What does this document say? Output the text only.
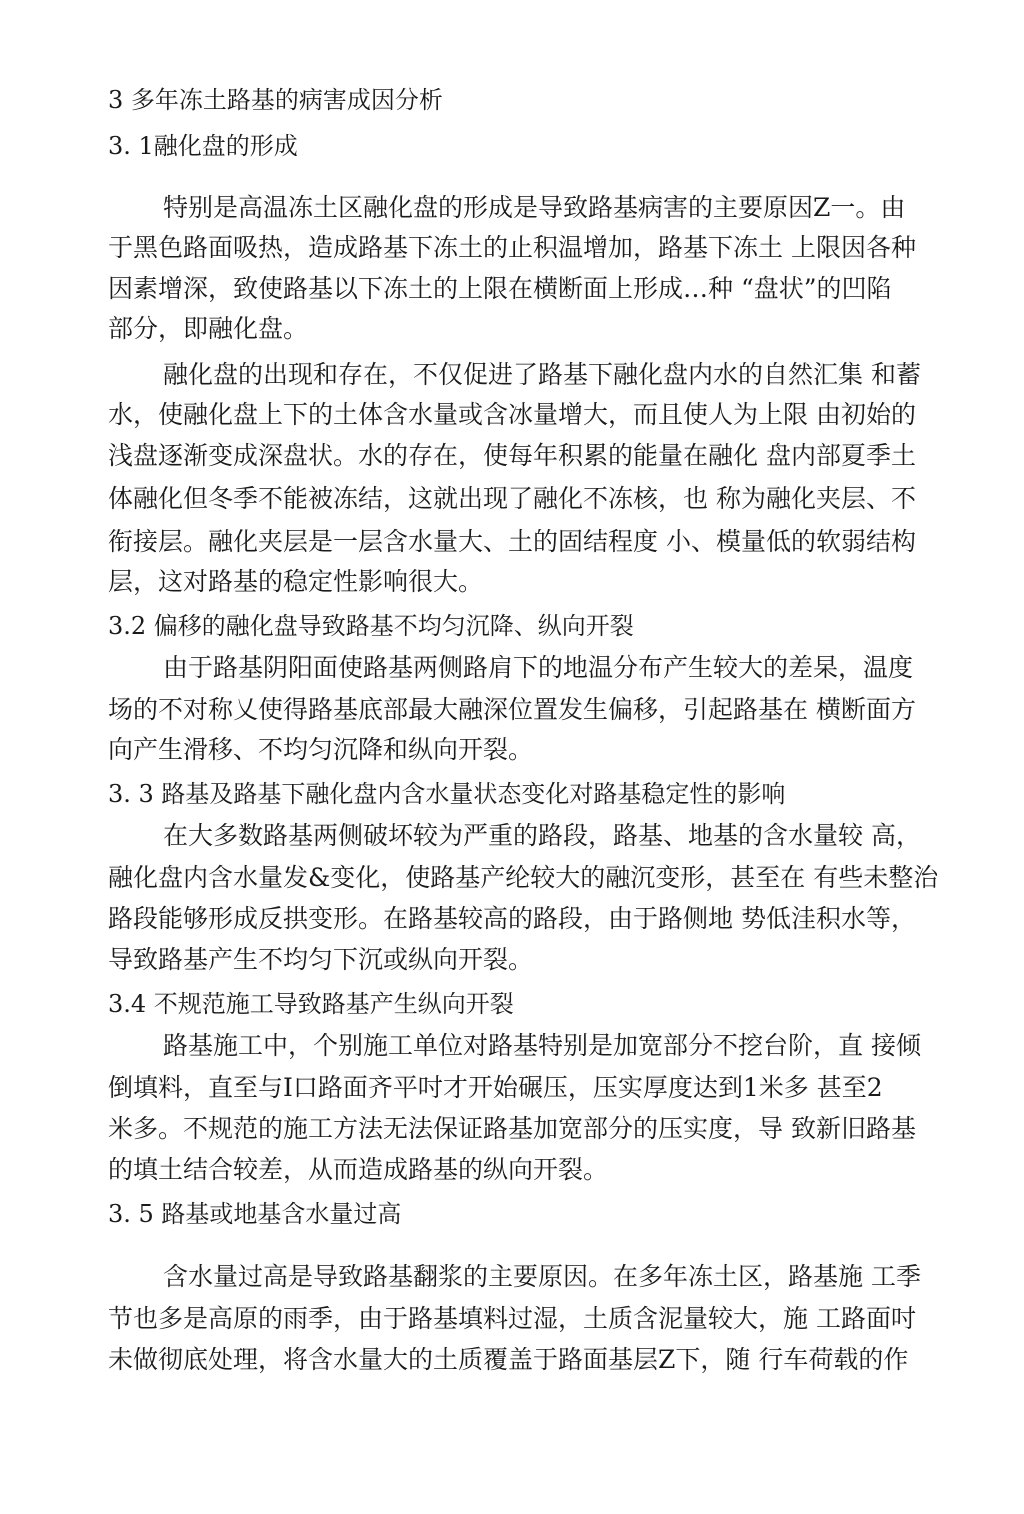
3 多年冻土路基的病害成因分析
3. 1融化盘的形成
特别是高温冻土区融化盘的形成是导致路基病害的主要原因Z一。由
于黑色路面吸热，造成路基下冻土的止积温增加，路基下冻土 上限因各种
因素增深，致使路基以下冻土的上限在横断面上形成…种 “盘状”的凹陷
部分，即融化盘。
融化盘的出现和存在，不仅促进了路基下融化盘内水的自然汇集 和蓄
水，使融化盘上下的土体含水量或含冰量增大，而且使人为上限 由初始的
浅盘逐渐变成深盘状。水的存在，使每年积累的能量在融化 盘内部夏季土
体融化但冬季不能被冻结，这就出现了融化不冻核，也 称为融化夹层、不
衔接层。融化夹层是一层含水量大、土的固结程度 小、模量低的软弱结构
层，这对路基的稳定性影响很大。
3.2 偏移的融化盘导致路基不均匀沉降、纵向开裂
由于路基阴阳面使路基两侧路肩下的地温分布产生较大的差杲，温度
场的不对称乂使得路基底部最大融深位置发生偏移，引起路基在 横断面方
向产生滑移、不均匀沉降和纵向开裂。
3. 3 路基及路基下融化盘内含水量状态变化对路基稳定性的影响
在大多数路基两侧破坏较为严重的路段，路基、地基的含水量较 高，
融化盘内含水量发&变化，使路基产纶较大的融沉变形，甚至在 有些未整治
路段能够形成反拱变形。在路基较高的路段，由于路侧地 势低洼积水等，
导致路基产生不均匀下沉或纵向开裂。
3.4 不规范施工导致路基产生纵向开裂
路基施工中，个别施工单位对路基特别是加宽部分不挖台阶，直 接倾
倒填料，直至与I口路面齐平吋才开始碾压，压实厚度达到1米多 甚至2
米多。不规范的施工方法无法保证路基加宽部分的压实度，导 致新旧路基
的填土结合较差，从而造成路基的纵向开裂。
3. 5 路基或地基含水量过高
含水量过高是导致路基翻浆的主要原因。在多年冻土区，路基施 工季
节也多是高原的雨季，由于路基填料过湿，土质含泥量较大，施 工路面吋
未做彻底处理，将含水量大的土质覆盖于路面基层Z下，随 行车荷载的作
